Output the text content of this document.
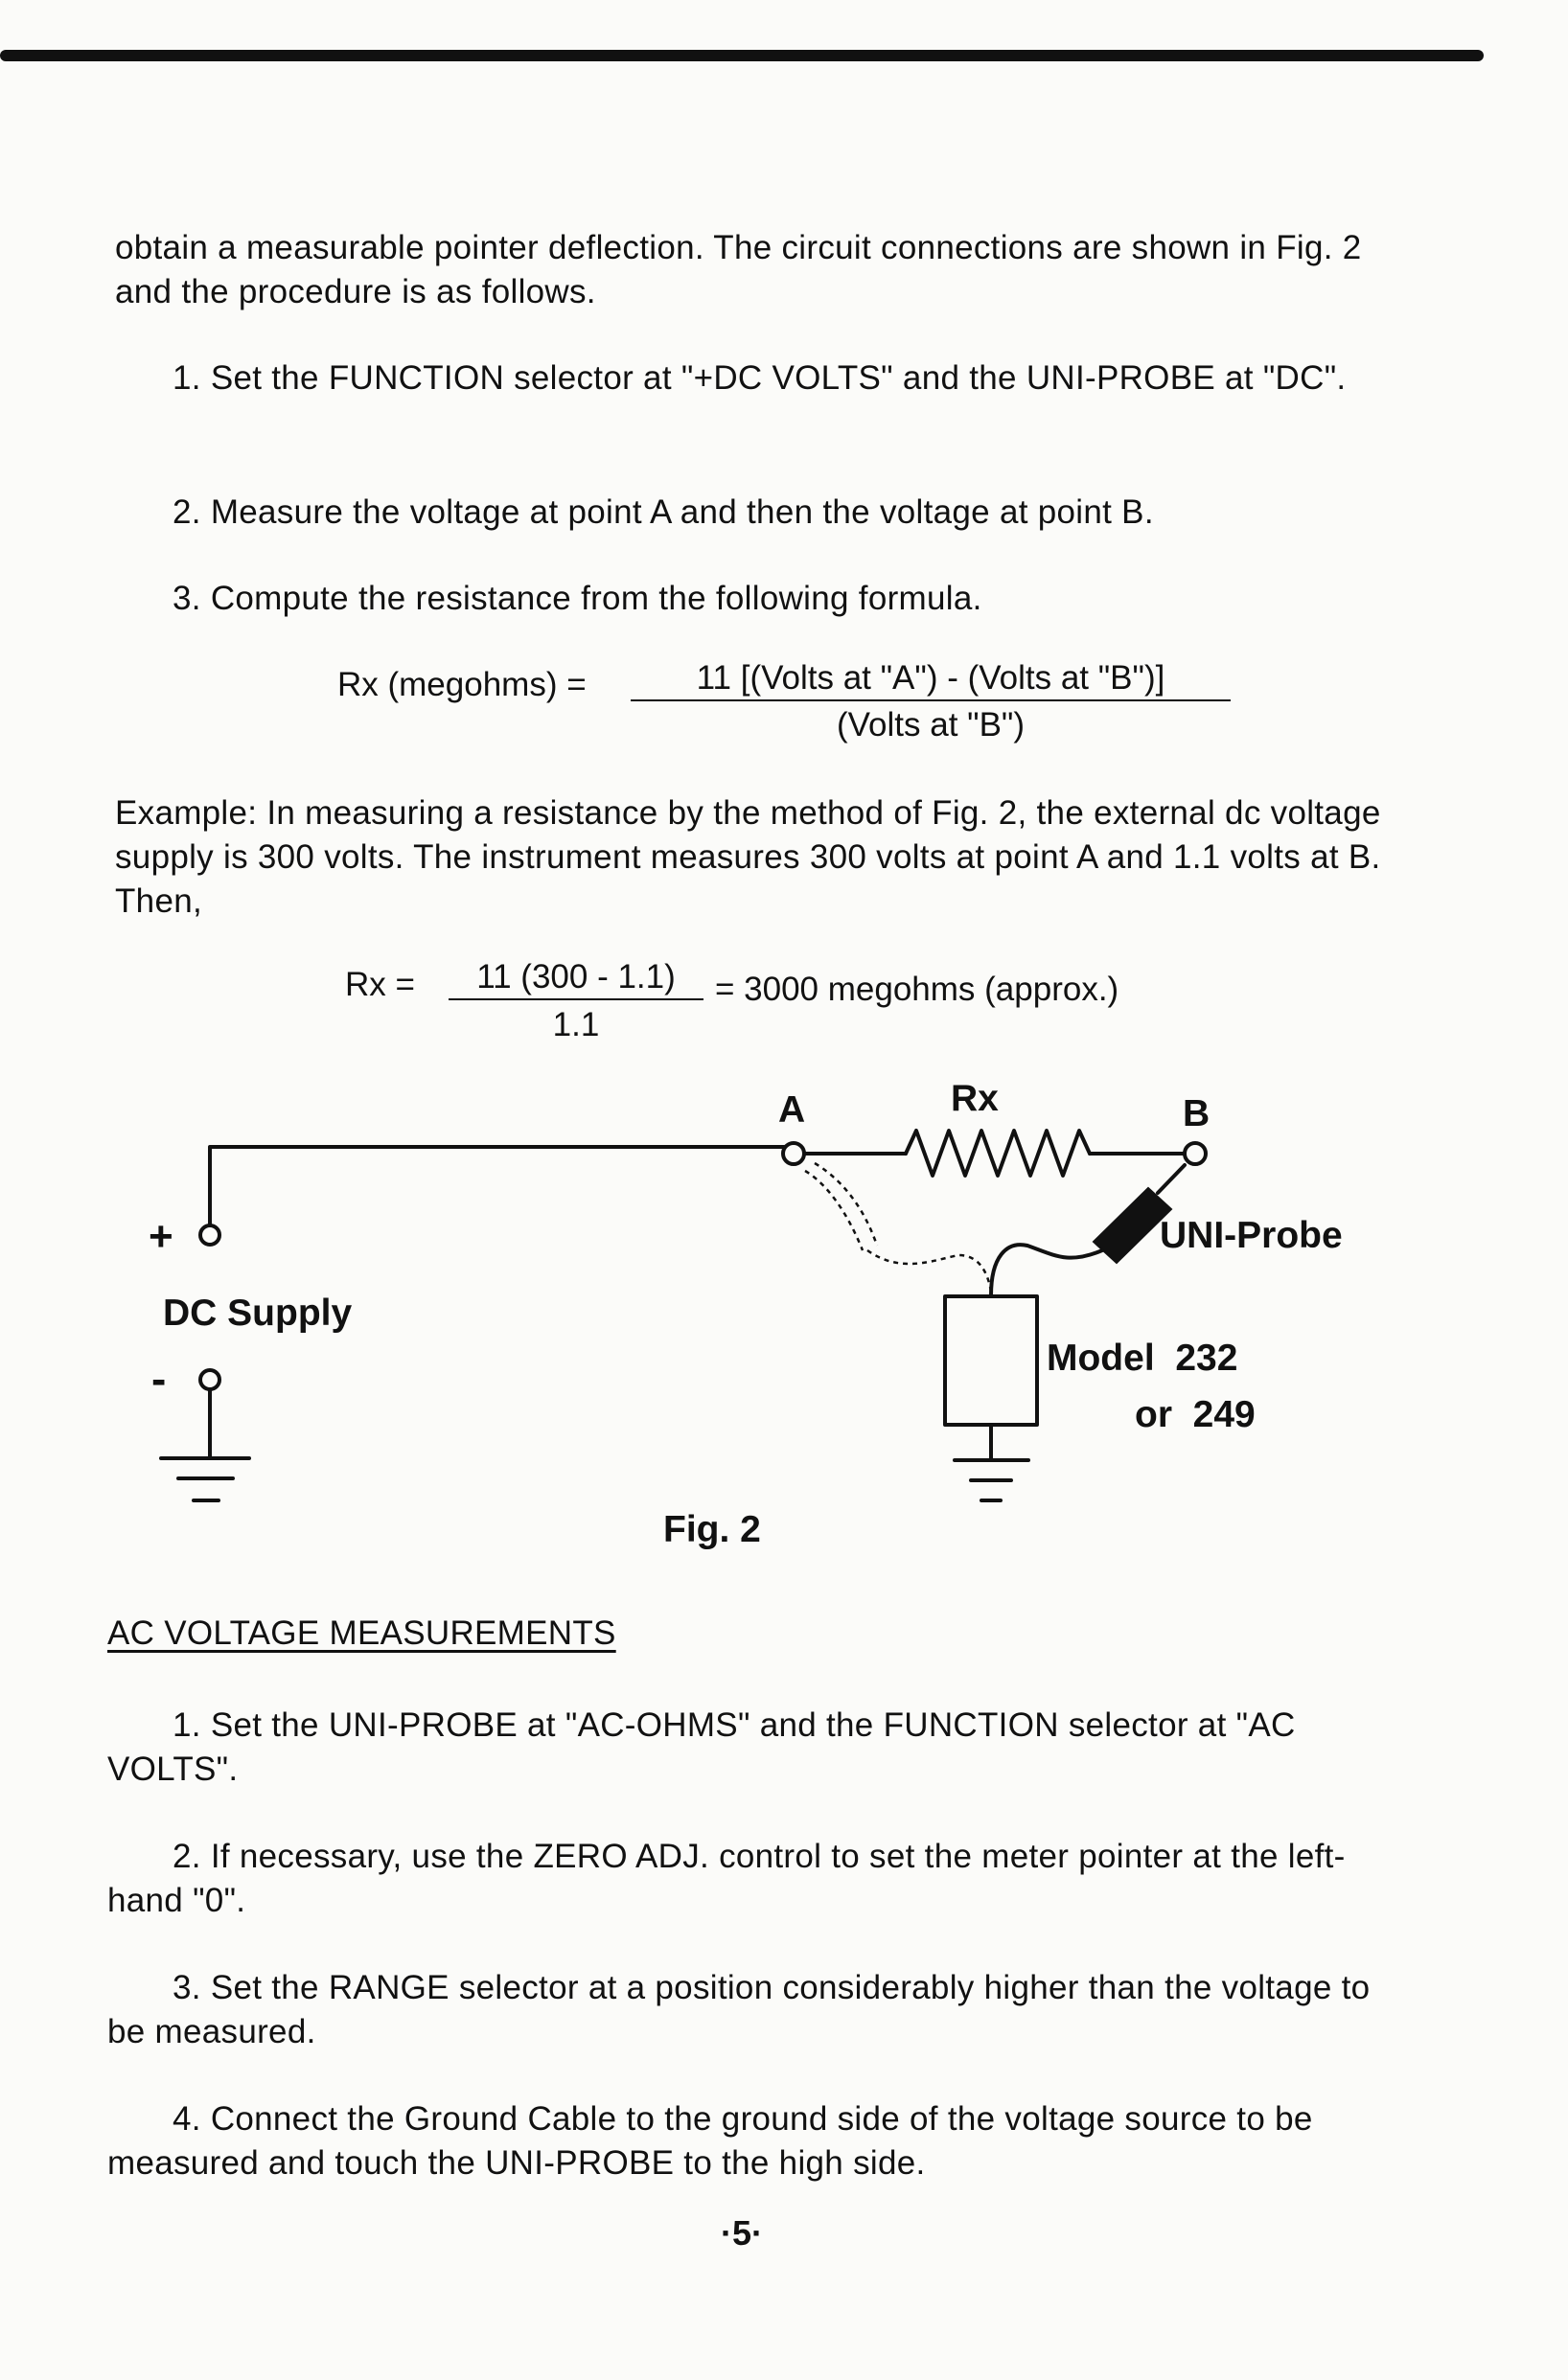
obtain a measurable pointer deflection. The circuit connections are shown in Fig. 2 and the procedure is as follows.
1. Set the FUNCTION selector at "+DC VOLTS" and the UNI-PROBE at "DC".
2. Measure the voltage at point A and then the voltage at point B.
3. Compute the resistance from the following formula.
Rx (megohms) =	11 [(Volts at "A") - (Volts at "B")]
(Volts at "B")
Example: In measuring a resistance by the method of Fig. 2, the external dc voltage supply is 300 volts. The instrument measures 300 volts at point A and 1.1 volts at B. Then,
Rx =	11 (300 - 1.1)
1.1
= 3000 megohms (approx.)
A	Rx	B
+	UNI-Probe
DC Supply
-	Model  232
or  249
Fig. 2
AC VOLTAGE MEASUREMENTS
1. Set the UNI-PROBE at "AC-OHMS" and the FUNCTION selector at "AC VOLTS".
2. If necessary, use the ZERO ADJ. control to set the meter pointer at the left-hand "0".
3. Set the RANGE selector at a position considerably higher than the voltage to be measured.
4. Connect the Ground Cable to the ground side of the voltage source to be measured and touch the UNI-PROBE to the high side.
·5·
